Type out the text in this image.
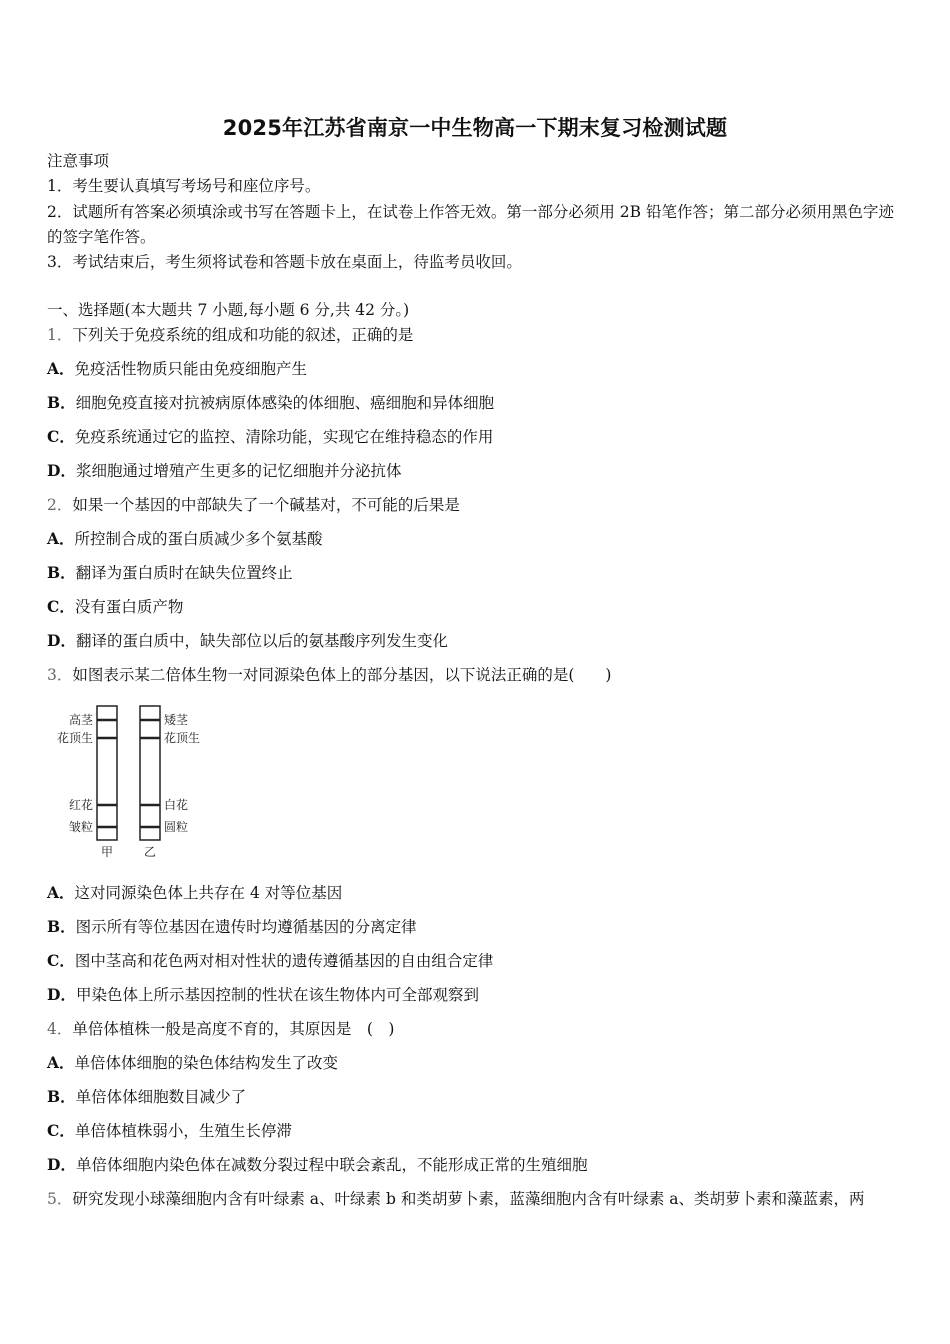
2025年江苏省南京一中生物高一下期末复习检测试题
注意事项
1．考生要认真填写考场号和座位序号。
2．试题所有答案必须填涂或书写在答题卡上，在试卷上作答无效。第一部分必须用 2B 铅笔作答；第二部分必须用黑色字迹的签字笔作答。
3．考试结束后，考生须将试卷和答题卡放在桌面上，待监考员收回。
一、选择题(本大题共 7 小题,每小题 6 分,共 42 分。)
1．下列关于免疫系统的组成和功能的叙述，正确的是
A．免疫活性物质只能由免疫细胞产生
B．细胞免疫直接对抗被病原体感染的体细胞、癌细胞和异体细胞
C．免疫系统通过它的监控、清除功能，实现它在维持稳态的作用
D．浆细胞通过增殖产生更多的记忆细胞并分泌抗体
2．如果一个基因的中部缺失了一个碱基对，不可能的后果是
A．所控制合成的蛋白质减少多个氨基酸
B．翻译为蛋白质时在缺失位置终止
C．没有蛋白质产物
D．翻译的蛋白质中，缺失部位以后的氨基酸序列发生变化
3．如图表示某二倍体生物一对同源染色体上的部分基因，以下说法正确的是(　　)
高茎
花顶生
红花
皱粒
矮茎
花顶生
白花
圆粒
甲	乙
A．这对同源染色体上共存在 4 对等位基因
B．图示所有等位基因在遗传时均遵循基因的分离定律
C．图中茎高和花色两对相对性状的遗传遵循基因的自由组合定律
D．甲染色体上所示基因控制的性状在该生物体内可全部观察到
4．单倍体植株一般是高度不育的，其原因是　(　)
A．单倍体体细胞的染色体结构发生了改变
B．单倍体体细胞数目减少了
C．单倍体植株弱小，生殖生长停滞
D．单倍体细胞内染色体在减数分裂过程中联会紊乱，不能形成正常的生殖细胞
5．研究发现小球藻细胞内含有叶绿素 a、叶绿素 b 和类胡萝卜素，蓝藻细胞内含有叶绿素 a、类胡萝卜素和藻蓝素，两
